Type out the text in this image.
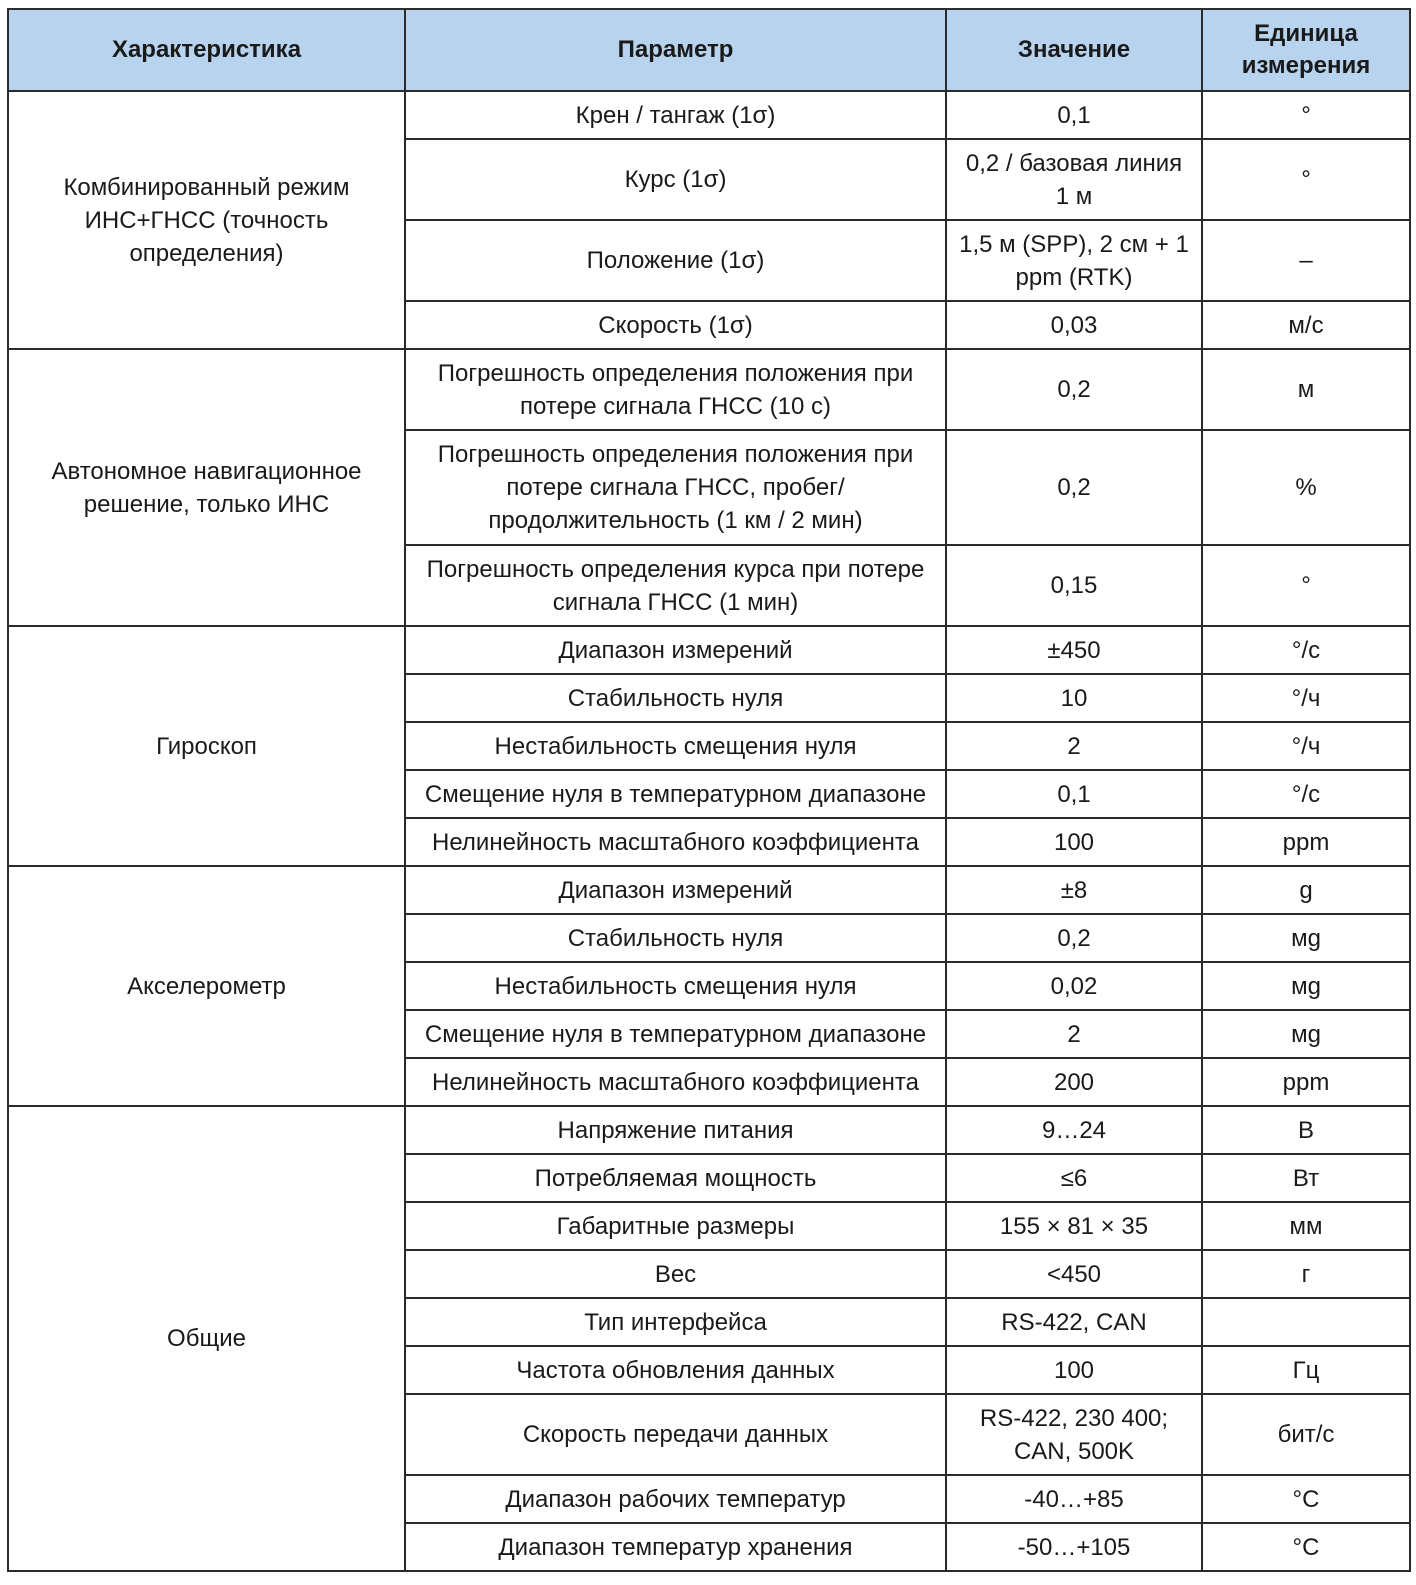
Характеристика	Параметр	Значение	Единица измерения
Комбинированный режим ИНС+ГНСС (точность определения)	Крен / тангаж (1σ)	0,1	°
	Курс (1σ)	0,2 / базовая линия 1 м	°
	Положение (1σ)	1,5 м (SPP), 2 см + 1 ppm (RTK)	–
	Скорость (1σ)	0,03	м/с
Автономное навигационное решение, только ИНС	Погрешность определения положения при потере сигнала ГНСС (10 с)	0,2	м
	Погрешность определения положения при потере сигнала ГНСС, пробег/ продолжительность (1 км / 2 мин)	0,2	%
	Погрешность определения курса при потере сигнала ГНСС (1 мин)	0,15	°
Гироскоп	Диапазон измерений	±450	°/с
	Стабильность нуля	10	°/ч
	Нестабильность смещения нуля	2	°/ч
	Смещение нуля в температурном диапазоне	0,1	°/с
	Нелинейность масштабного коэффициента	100	ppm
Акселерометр	Диапазон измерений	±8	g
	Стабильность нуля	0,2	мg
	Нестабильность смещения нуля	0,02	мg
	Смещение нуля в температурном диапазоне	2	мg
	Нелинейность масштабного коэффициента	200	ppm
Общие	Напряжение питания	9…24	В
	Потребляемая мощность	≤6	Вт
	Габаритные размеры	155 × 81 × 35	мм
	Вес	<450	г
	Тип интерфейса	RS-422, CAN	
	Частота обновления данных	100	Гц
	Скорость передачи данных	RS-422, 230 400; CAN, 500K	бит/с
	Диапазон рабочих температур	-40…+85	°C
	Диапазон температур хранения	-50…+105	°C
